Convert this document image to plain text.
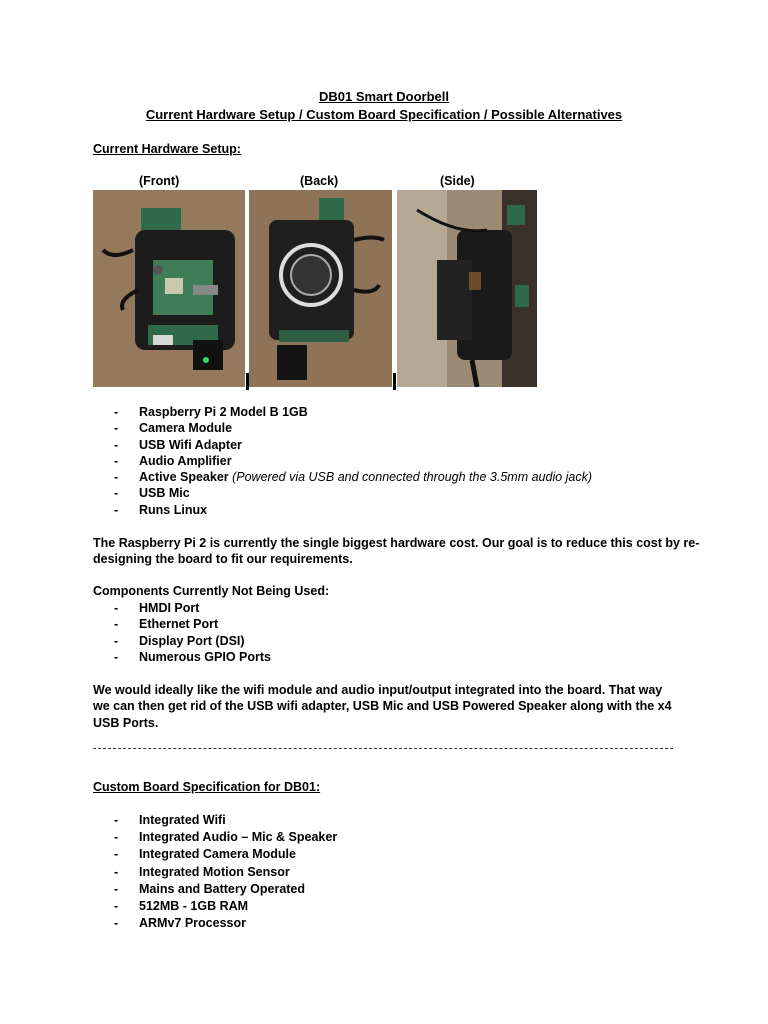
DB01 Smart Doorbell
Current Hardware Setup / Custom Board Specification / Possible Alternatives
Current Hardware Setup:
(Front)	(Back)	(Side)
-	Raspberry Pi 2 Model B 1GB
-	Camera Module
-	USB Wifi Adapter
-	Audio Amplifier
-	Active Speaker (Powered via USB and connected through the 3.5mm audio jack)
-	USB Mic
-	Runs Linux
The Raspberry Pi 2 is currently the single biggest hardware cost. Our goal is to reduce this cost by re-
designing the board to fit our requirements.
Components Currently Not Being Used:
-	HMDI Port
-	Ethernet Port
-	Display Port (DSI)
-	Numerous GPIO Ports
We would ideally like the wifi module and audio input/output integrated into the board. That way
we can then get rid of the USB wifi adapter, USB Mic and USB Powered Speaker along with the x4
USB Ports.
Custom Board Specification for DB01:
-	Integrated Wifi
-	Integrated Audio – Mic & Speaker
-	Integrated Camera Module
-	Integrated Motion Sensor
-	Mains and Battery Operated
-	512MB - 1GB RAM
-	ARMv7 Processor
